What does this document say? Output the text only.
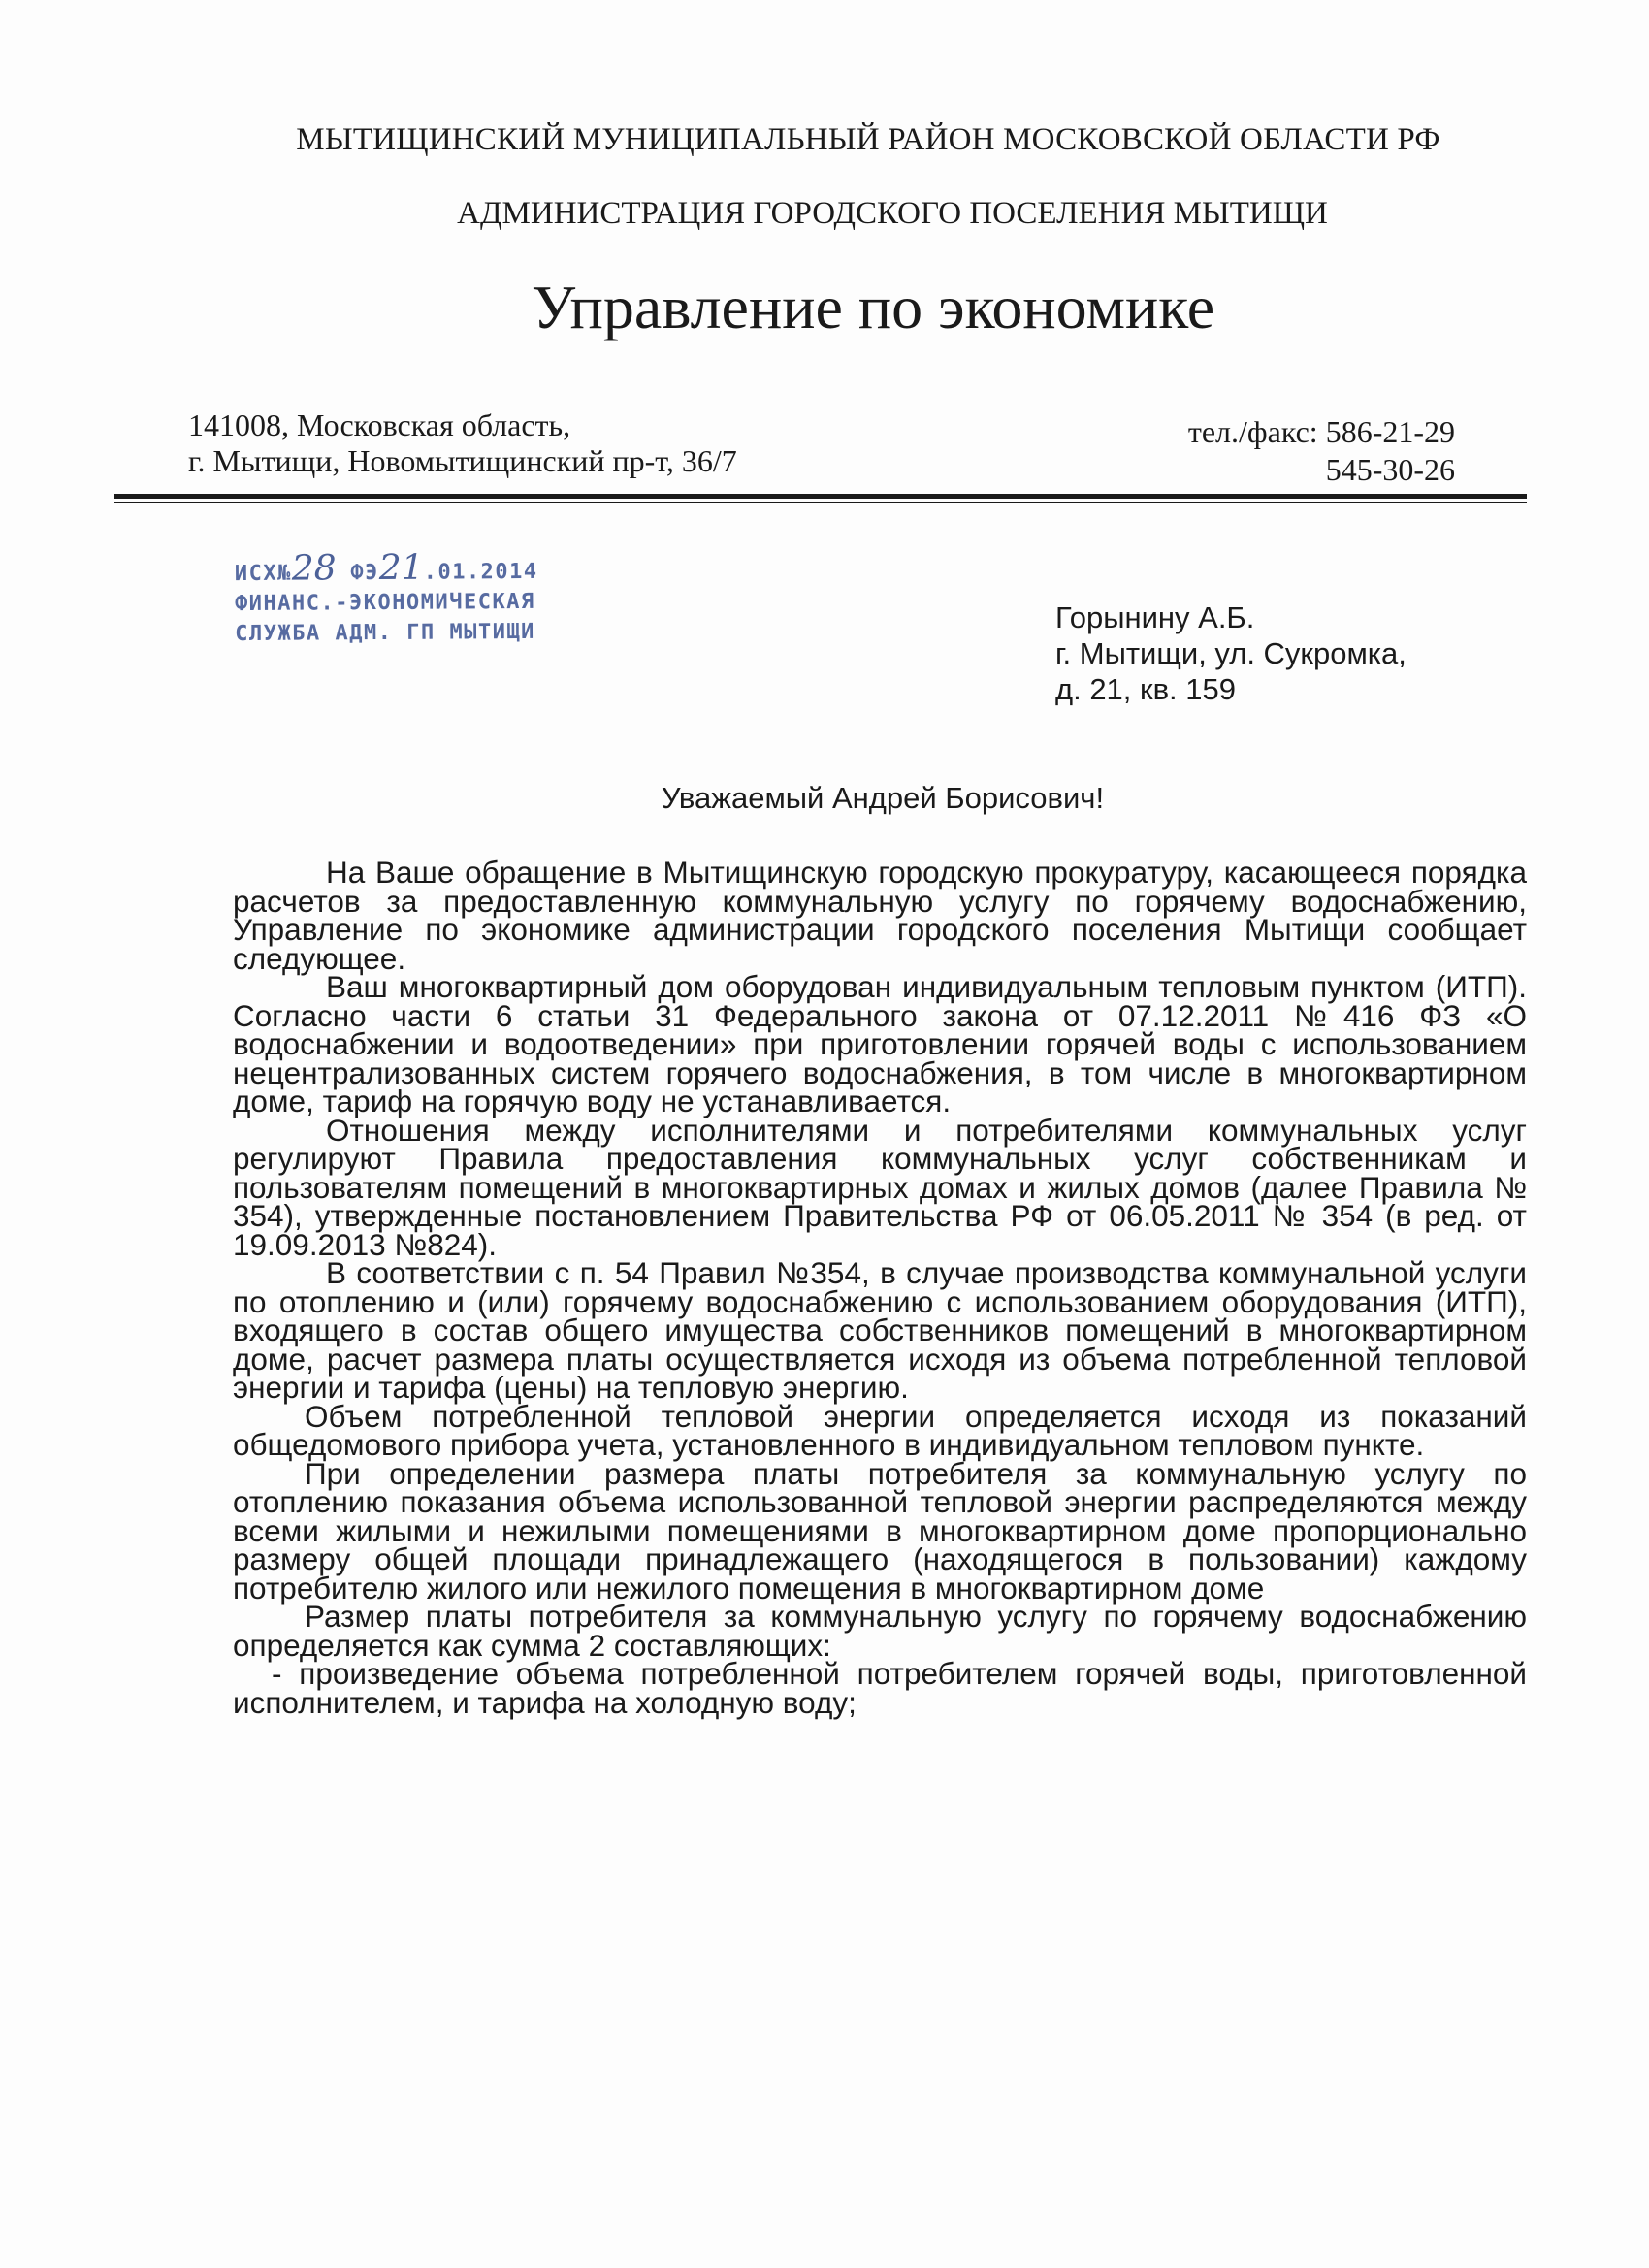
МЫТИЩИНСКИЙ МУНИЦИПАЛЬНЫЙ РАЙОН МОСКОВСКОЙ ОБЛАСТИ РФ
АДМИНИСТРАЦИЯ ГОРОДСКОГО ПОСЕЛЕНИЯ МЫТИЩИ
Управление по экономике
141008, Московская область,
г. Мытищи, Новомытищинский пр-т, 36/7
тел./факс: 586-21-29
545-30-26
ИСХ№28 ФЭ21.01.2014
ФИНАНС.-ЭКОНОМИЧЕСКАЯ
СЛУЖБА АДМ. ГП МЫТИЩИ	Горынину А.Б.
г. Мытищи, ул. Сукромка,
д. 21, кв. 159
Уважаемый Андрей Борисович!

На Ваше обращение в Мытищинскую городскую прокуратуру, касающееся порядка расчетов за предоставленную коммунальную услугу по горячему водоснабжению, Управление по экономике администрации городского поселения Мытищи сообщает следующее.

Ваш многоквартирный дом оборудован индивидуальным тепловым пунктом (ИТП). Согласно части 6 статьи 31 Федерального закона от 07.12.2011 №416 ФЗ «О водоснабжении и водоотведении» при приготовлении горячей воды с использованием нецентрализованных систем горячего водоснабжения, в том числе в многоквартирном доме, тариф на горячую воду не устанавливается.

Отношения между исполнителями и потребителями коммунальных услуг регулируют Правила предоставления коммунальных услуг собственникам и пользователям помещений в многоквартирных домах и жилых домов (далее Правила № 354), утвержденные постановлением Правительства РФ от 06.05.2011 № 354 (в ред. от 19.09.2013 №824).

В соответствии с п. 54 Правил №354, в случае производства коммунальной услуги по отоплению и (или) горячему водоснабжению с использованием оборудования (ИТП), входящего в состав общего имущества собственников помещений в многоквартирном доме, расчет размера платы осуществляется исходя из объема потребленной тепловой энергии и тарифа (цены) на тепловую энергию.

Объем потребленной тепловой энергии определяется исходя из показаний общедомового прибора учета, установленного в индивидуальном тепловом пункте.

При определении размера платы потребителя за коммунальную услугу по отоплению показания объема использованной тепловой энергии распределяются между всеми жилыми и нежилыми помещениями в многоквартирном доме пропорционально размеру общей площади принадлежащего (находящегося в пользовании) каждому потребителю жилого или нежилого помещения в многоквартирном доме

Размер платы потребителя за коммунальную услугу по горячему водоснабжению определяется как сумма 2 составляющих:

- произведение объема потребленной потребителем горячей воды, приготовленной исполнителем, и тарифа на холодную воду;
